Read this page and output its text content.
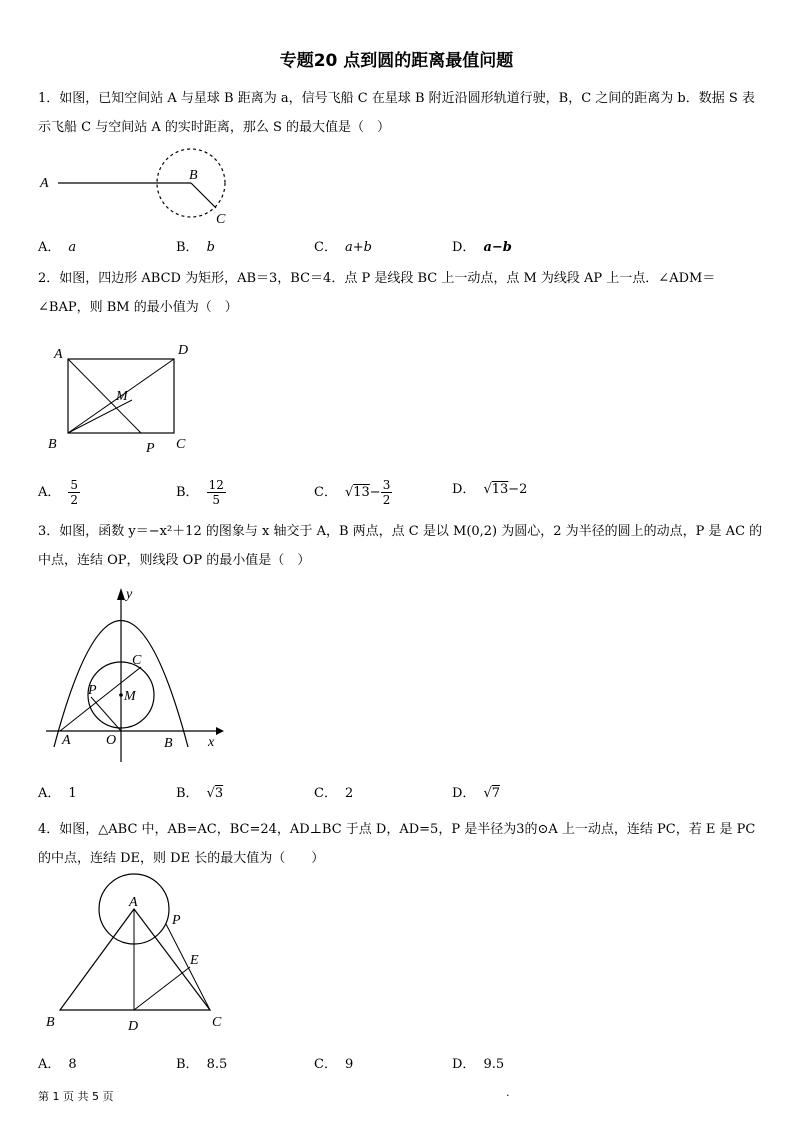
专题20 点到圆的距离最值问题
1．如图，已知空间站 A 与星球 B 距离为 a，信号飞船 C 在星球 B 附近沿圆形轨道行驶，B，C 之间的距离为 b．数据 S 表示飞船 C 与空间站 A 的实时距离，那么 S 的最大值是（　）
A
B
C
A． a	B． b	C． a+b	D． a−b
2．如图，四边形 ABCD 为矩形，AB＝3，BC＝4．点 P 是线段 BC 上一动点，点 M 为线段 AP 上一点．∠ADM＝∠BAP，则 BM 的最小值为（　）
A	D
M
B	P C
A． $\frac{5}{2}$	B． $\frac{12}{5}$	C． $√13- \frac{3}{2}$	D． √13−2
3．如图，函数 y＝−x²＋12 的图象与 x 轴交于 A，B 两点，点 C 是以 M(0,2) 为圆心，2 为半径的圆上的动点，P 是 AC 的中点，连结 OP，则线段 OP 的最小值是（　）
y
x
A	B
C
O
P M
A． 1	B． √3	C． 2	D． √7
4．如图，△ABC 中，AB=AC，BC=24，AD⊥BC 于点 D，AD=5，P 是半径为3的⊙A 上一动点，连结 PC，若 E 是 PC 的中点，连结 DE，则 DE 长的最大值为（　　）
A
P
E
B	D	C
A． 8	B． 8.5	C． 9	D． 9.5
第 1 页 共 5 页	.
